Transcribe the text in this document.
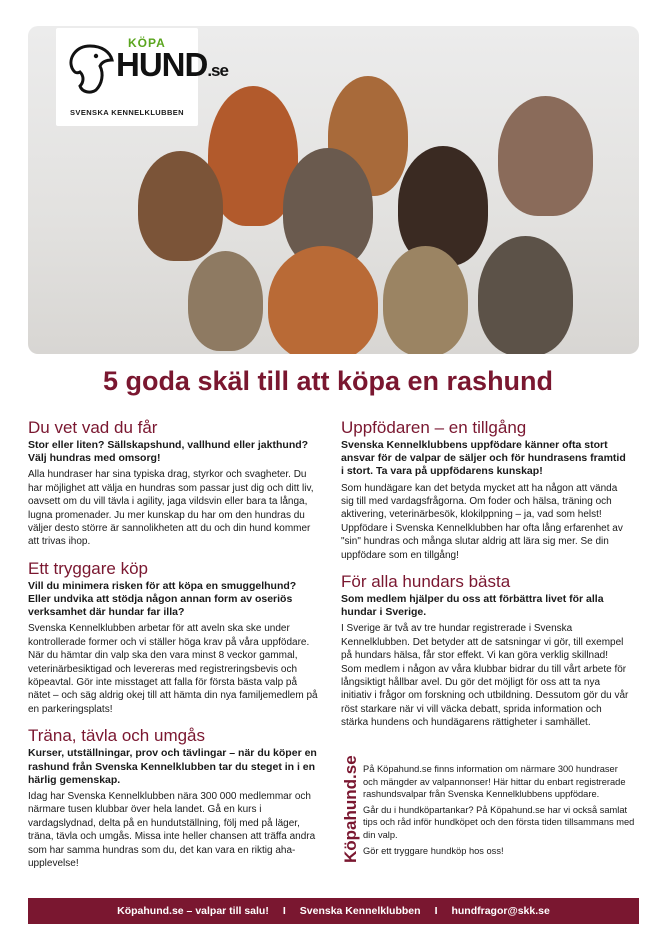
KÖPA
HUND.se
SVENSKA KENNELKLUBBEN
5 goda skäl till att köpa en rashund
Du vet vad du får

Stor eller liten? Sällskapshund, vallhund eller jakthund? Välj hundras med omsorg!

Alla hundraser har sina typiska drag, styrkor och svagheter. Du har möjlighet att välja en hundras som passar just dig och ditt liv, oavsett om du vill tävla i agility, jaga vildsvin eller bara ta långa, lugna promenader. Ju mer kunskap du har om den hundras du väljer desto större är sannolikheten att du och din hund kommer att trivas ihop.

Ett tryggare köp

Vill du minimera risken för att köpa en smuggelhund? Eller undvika att stödja någon annan form av oseriös verksamhet där hundar far illa?

Svenska Kennelklubben arbetar för att aveln ska ske under kontrollerade former och vi ställer höga krav på våra uppfödare. När du hämtar din valp ska den vara minst 8 veckor gammal, veterinärbesiktigad och levereras med registreringsbevis och köpeavtal. Gör inte misstaget att falla för första bästa valp på nätet – och säg aldrig okej till att hämta din nya familjemedlem på en parkeringsplats!

Träna, tävla och umgås

Kurser, utställningar, prov och tävlingar – när du köper en rashund från Svenska Kennelklubben tar du steget in i en härlig gemenskap.

Idag har Svenska Kennelklubben nära 300 000 medlemmar och närmare tusen klubbar över hela landet. Gå en kurs i vardagslydnad, delta på en hundutställning, följ med på läger, träna, tävla och umgås. Missa inte heller chansen att träffa andra som har samma hundras som du, det kan vara en riktig aha-upplevelse!

Uppfödaren – en tillgång

Svenska Kennelklubbens uppfödare känner ofta stort ansvar för de valpar de säljer och för hundrasens framtid i stort. Ta vara på uppfödarens kunskap!

Som hundägare kan det betyda mycket att ha någon att vända sig till med vardagsfrågorna. Om foder och hälsa, träning och aktivering, veterinärbesök, klokilppning – ja, vad som helst! Uppfödare i Svenska Kennelklubben har ofta lång erfarenhet av "sin" hundras och många slutar aldrig att lära sig mer. Se din uppfödare som en tillgång!

För alla hundars bästa

Som medlem hjälper du oss att förbättra livet för alla hundar i Sverige.

I Sverige är två av tre hundar registrerade i Svenska Kennelklubben. Det betyder att de satsningar vi gör, till exempel på hundars hälsa, får stor effekt. Vi kan göra verklig skillnad! Som medlem i någon av våra klubbar bidrar du till vårt arbete för långsiktigt hållbar avel. Du gör det möjligt för oss att ta nya initiativ i frågor om forskning och utbildning. Dessutom gör du vår röst starkare när vi vill väcka debatt, sprida information och stärka hundens och hundägarens rättigheter i samhället.

Köpahund.se På Köpahund.se finns information om närmare 300 hundraser och mängder av valpannonser! Här hittar du enbart registrerade rashundsvalpar från Svenska Kennelklubbens uppfödare.

Går du i hundköpartankar? På Köpahund.se har vi också samlat tips och råd inför hundköpet och den första tiden tillsammans med din valp.

Gör ett tryggare hundköp hos oss!

Köpahund.se – valpar till salu! I Svenska Kennelklubben I hundfragor@skk.se
